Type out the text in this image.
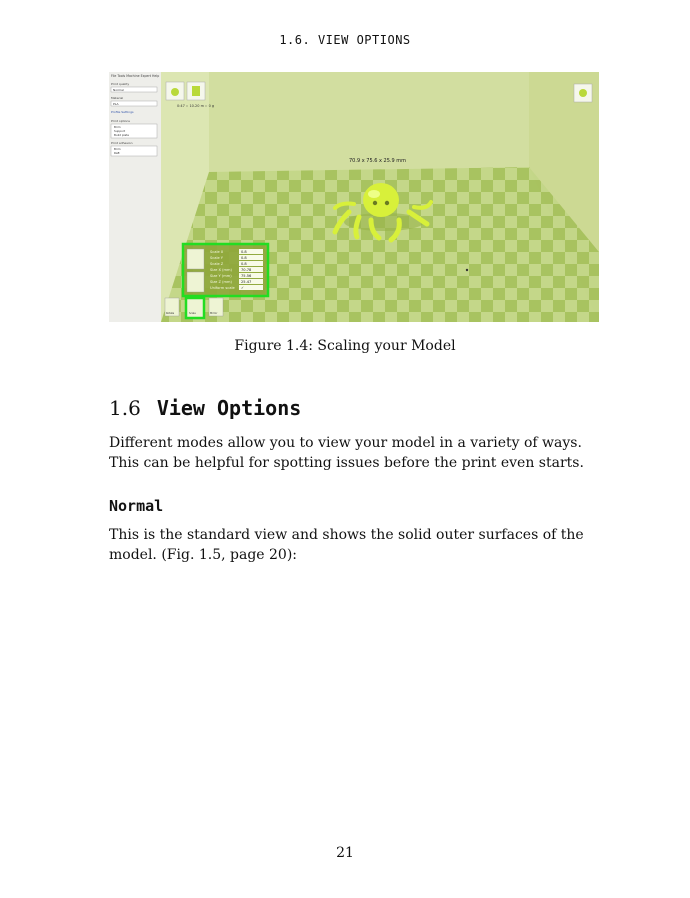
1.6. VIEW OPTIONS
File Tools Machine Expert Help
Print quality
Normal
Material
PLA
Profile Settings
Print options
Brim
Support
Build plate
Print adhesion
Brim
Raft
0:47 :: 10.20 m :: 0 g
70.9 x 75.6 x 25.9 mm
Scale X	0.8
Scale Y	0.8
Scale Z	0.8
Size X (mm)	70.78
Size Y (mm)	75.56
Size Z (mm)	25.47
Uniform scale ✓
Rotate	Scale	Mirror
Figure 1.4: Scaling your Model
1.6 View Options
Different modes allow you to view your model in a variety of ways. This can be helpful for spotting issues before the print even starts.
Normal
This is the standard view and shows the solid outer surfaces of the model. (Fig. 1.5, page 20):
21
